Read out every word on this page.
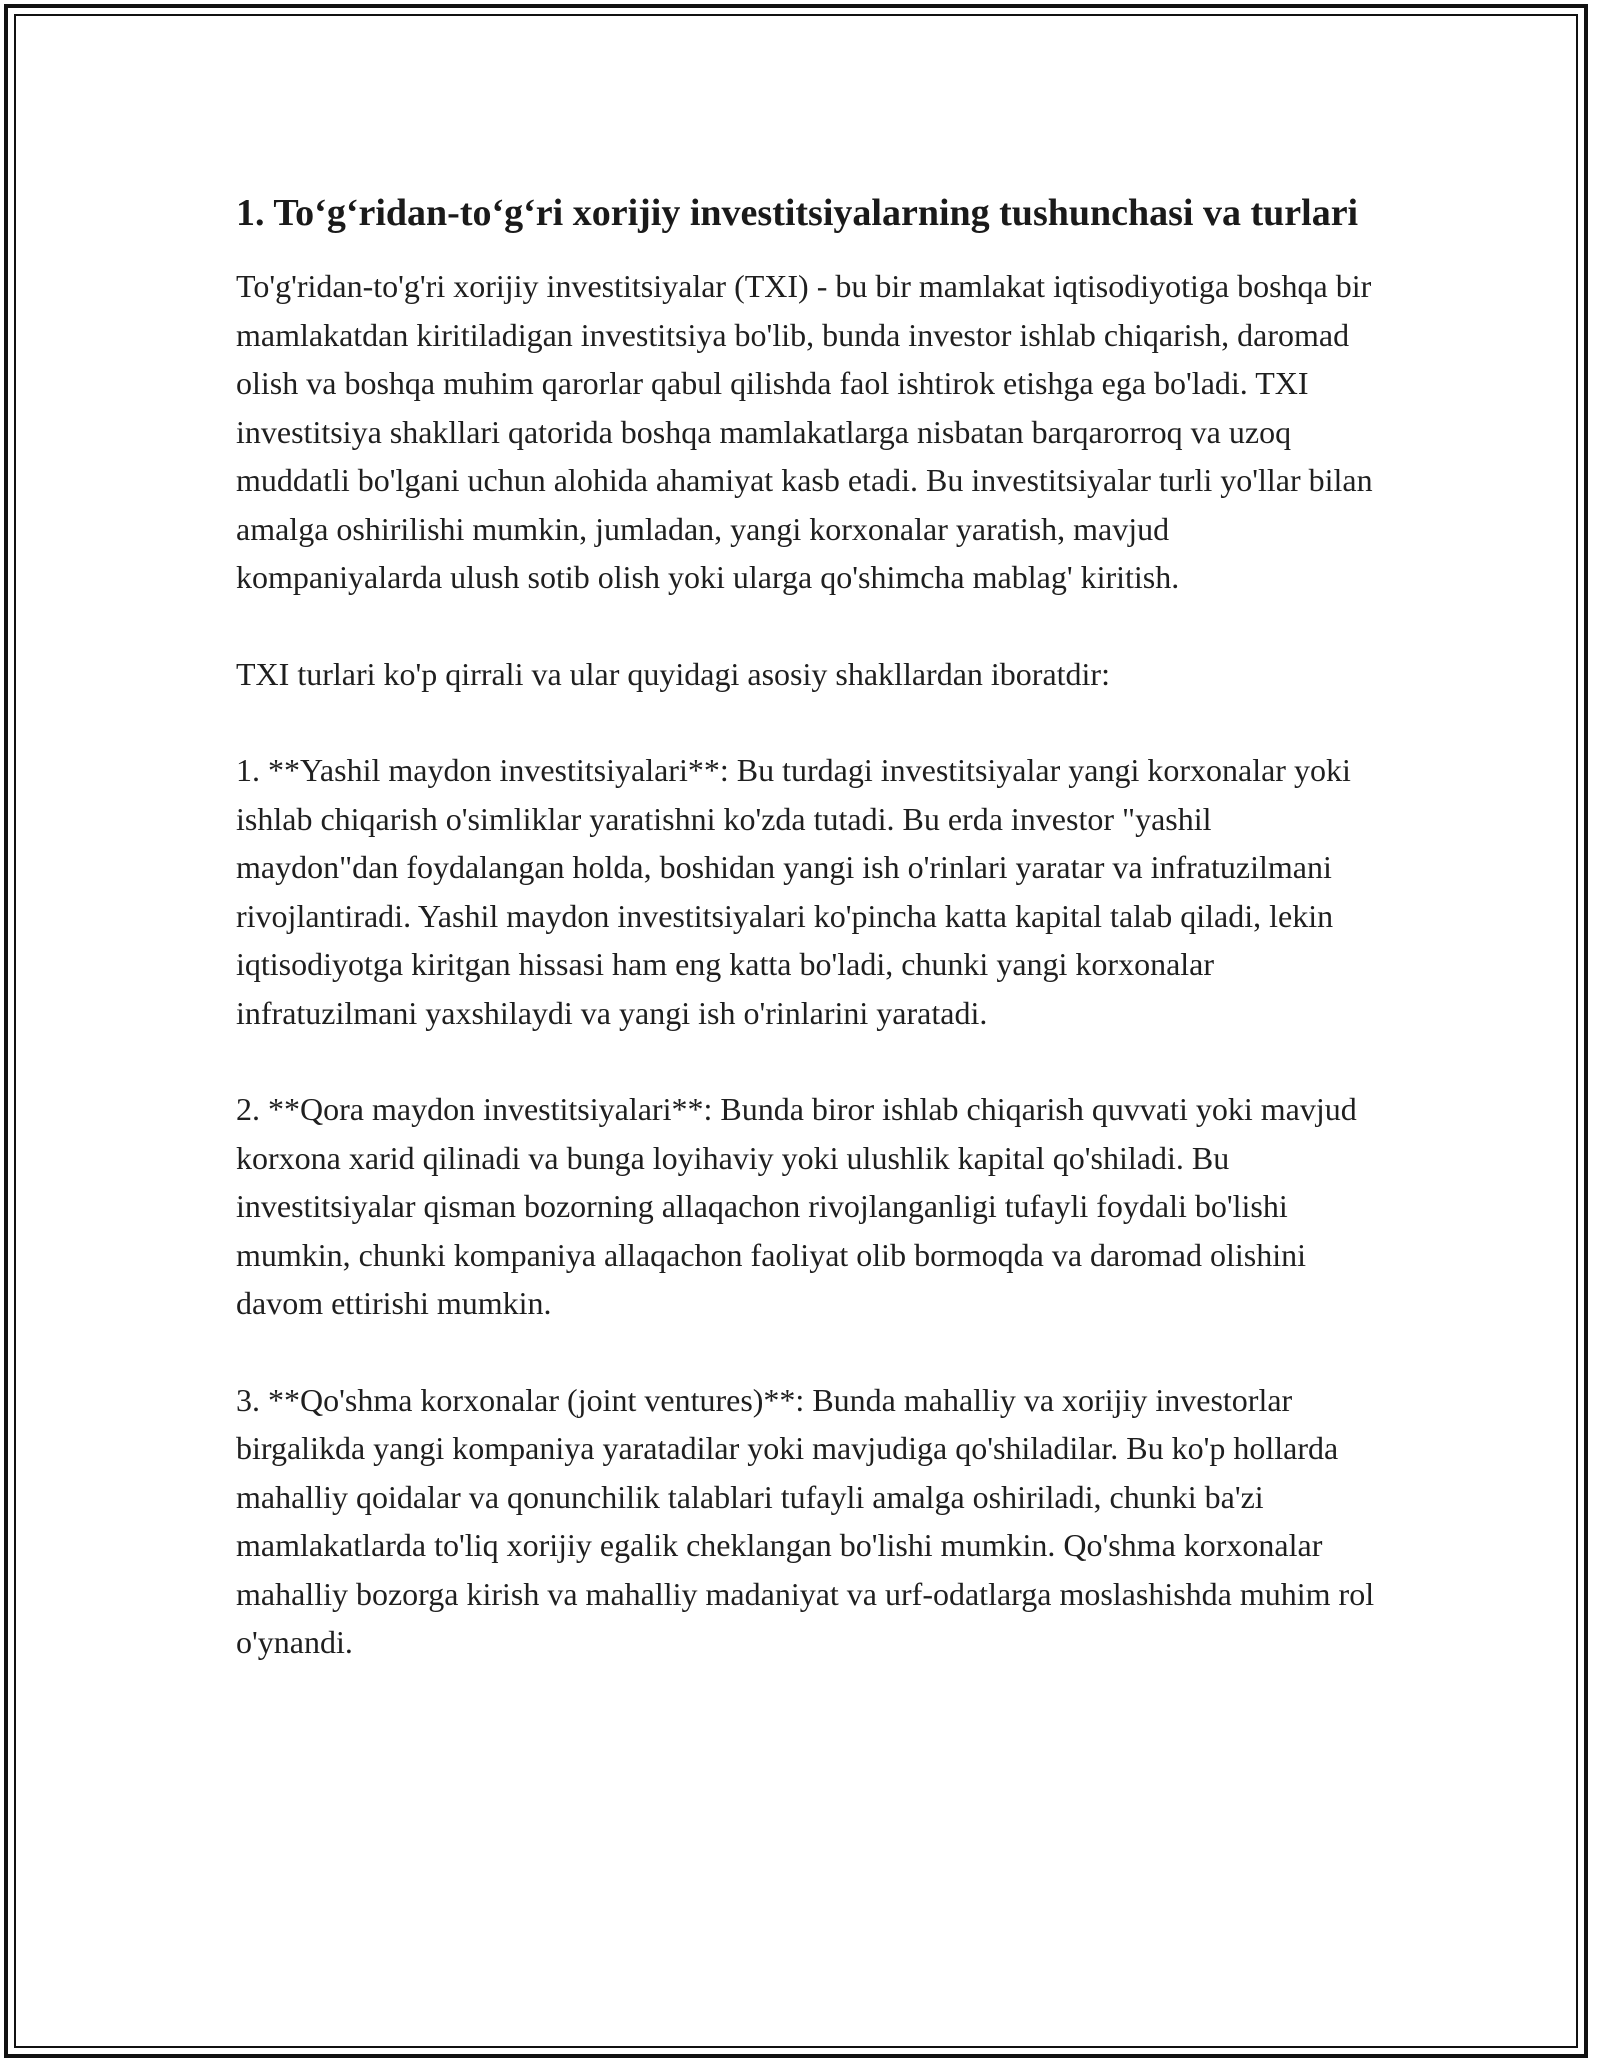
1. To‘g‘ridan-to‘g‘ri xorijiy investitsiyalarning tushunchasi va turlari

To'g'ridan-to'g'ri xorijiy investitsiyalar (TXI) - bu bir mamlakat iqtisodiyotiga boshqa bir mamlakatdan kiritiladigan investitsiya bo'lib, bunda investor ishlab chiqarish, daromad olish va boshqa muhim qarorlar qabul qilishda faol ishtirok etishga ega bo'ladi. TXI investitsiya shakllari qatorida boshqa mamlakatlarga nisbatan barqarorroq va uzoq muddatli bo'lgani uchun alohida ahamiyat kasb etadi. Bu investitsiyalar turli yo'llar bilan amalga oshirilishi mumkin, jumladan, yangi korxonalar yaratish, mavjud kompaniyalarda ulush sotib olish yoki ularga qo'shimcha mablag' kiritish.

TXI turlari ko'p qirrali va ular quyidagi asosiy shakllardan iboratdir:

1. **Yashil maydon investitsiyalari**: Bu turdagi investitsiyalar yangi korxonalar yoki ishlab chiqarish o'simliklar yaratishni ko'zda tutadi. Bu erda investor "yashil maydon"dan foydalangan holda, boshidan yangi ish o'rinlari yaratar va infratuzilmani rivojlantiradi. Yashil maydon investitsiyalari ko'pincha katta kapital talab qiladi, lekin iqtisodiyotga kiritgan hissasi ham eng katta bo'ladi, chunki yangi korxonalar infratuzilmani yaxshilaydi va yangi ish o'rinlarini yaratadi.

2. **Qora maydon investitsiyalari**: Bunda biror ishlab chiqarish quvvati yoki mavjud korxona xarid qilinadi va bunga loyihaviy yoki ulushlik kapital qo'shiladi. Bu investitsiyalar qisman bozorning allaqachon rivojlanganligi tufayli foydali bo'lishi mumkin, chunki kompaniya allaqachon faoliyat olib bormoqda va daromad olishini davom ettirishi mumkin.

3. **Qo'shma korxonalar (joint ventures)**: Bunda mahalliy va xorijiy investorlar birgalikda yangi kompaniya yaratadilar yoki mavjudiga qo'shiladilar. Bu ko'p hollarda mahalliy qoidalar va qonunchilik talablari tufayli amalga oshiriladi, chunki ba'zi mamlakatlarda to'liq xorijiy egalik cheklangan bo'lishi mumkin. Qo'shma korxonalar mahalliy bozorga kirish va mahalliy madaniyat va urf-odatlarga moslashishda muhim rol o'ynandi.
